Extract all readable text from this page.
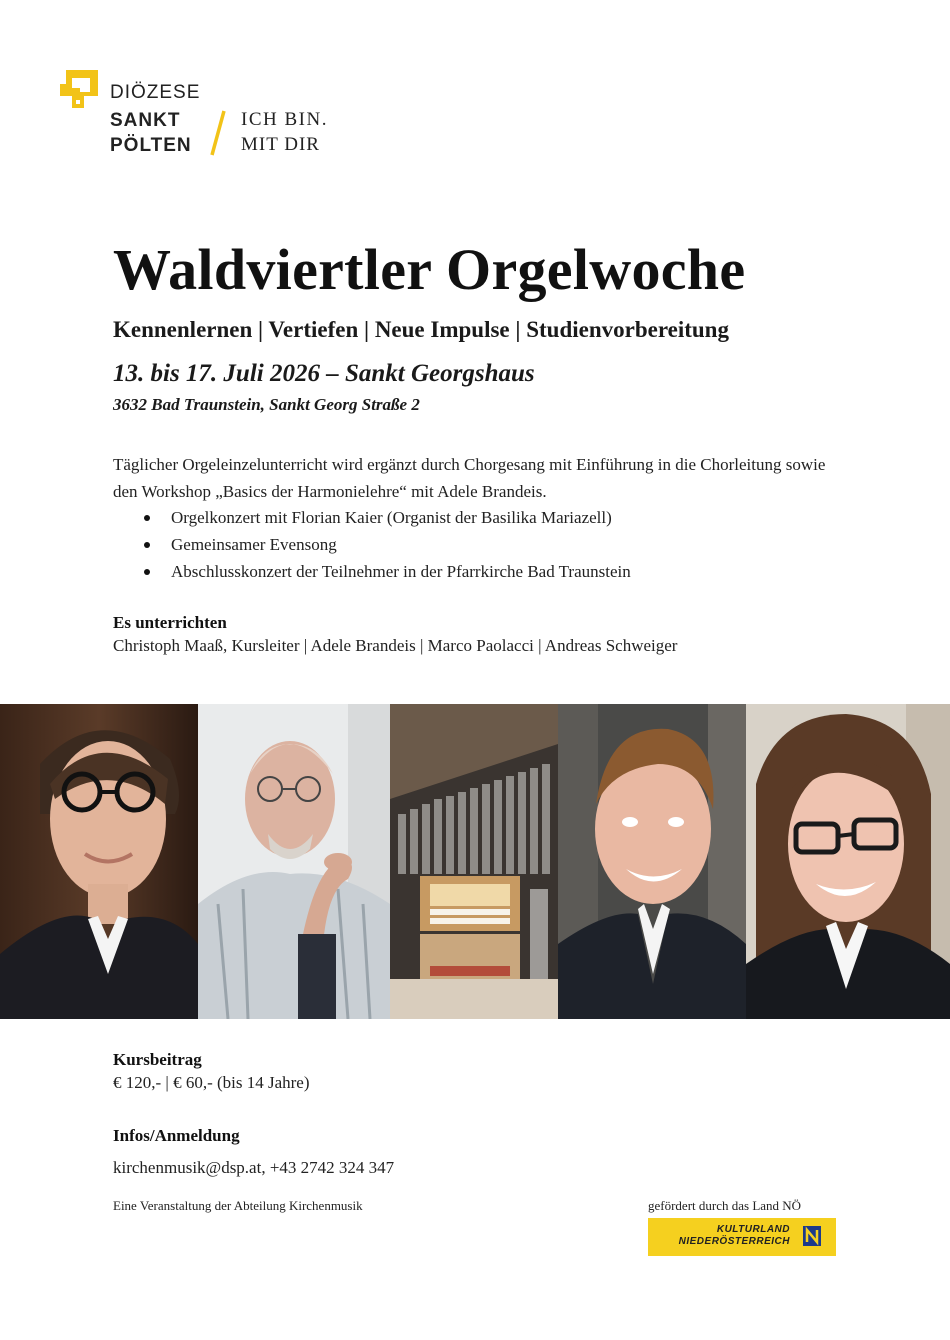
DIÖZESE
SANKT
PÖLTEN
ICH BIN.
MIT DIR
Waldviertler Orgelwoche
Kennenlernen | Vertiefen | Neue Impulse | Studienvorbereitung
13. bis 17. Juli 2026 – Sankt Georgshaus
3632 Bad Traunstein, Sankt Georg Straße 2
Täglicher Orgeleinzelunterricht wird ergänzt durch Chorgesang mit Einführung in die Chorleitung sowie den Workshop „Basics der Harmonielehre“ mit Adele Brandeis.
Orgelkonzert mit Florian Kaier (Organist der Basilika Mariazell)
Gemeinsamer Evensong
Abschlusskonzert der Teilnehmer in der Pfarrkirche Bad Traunstein
Es unterrichten
Christoph Maaß, Kursleiter | Adele Brandeis | Marco Paolacci | Andreas Schweiger
Kursbeitrag
€ 120,- | € 60,- (bis 14 Jahre)
Infos/Anmeldung
kirchenmusik@dsp.at, +43 2742 324 347
Eine Veranstaltung der Abteilung Kirchenmusik	gefördert durch das Land NÖ
KULTURLAND
NIEDERÖSTERREICH
